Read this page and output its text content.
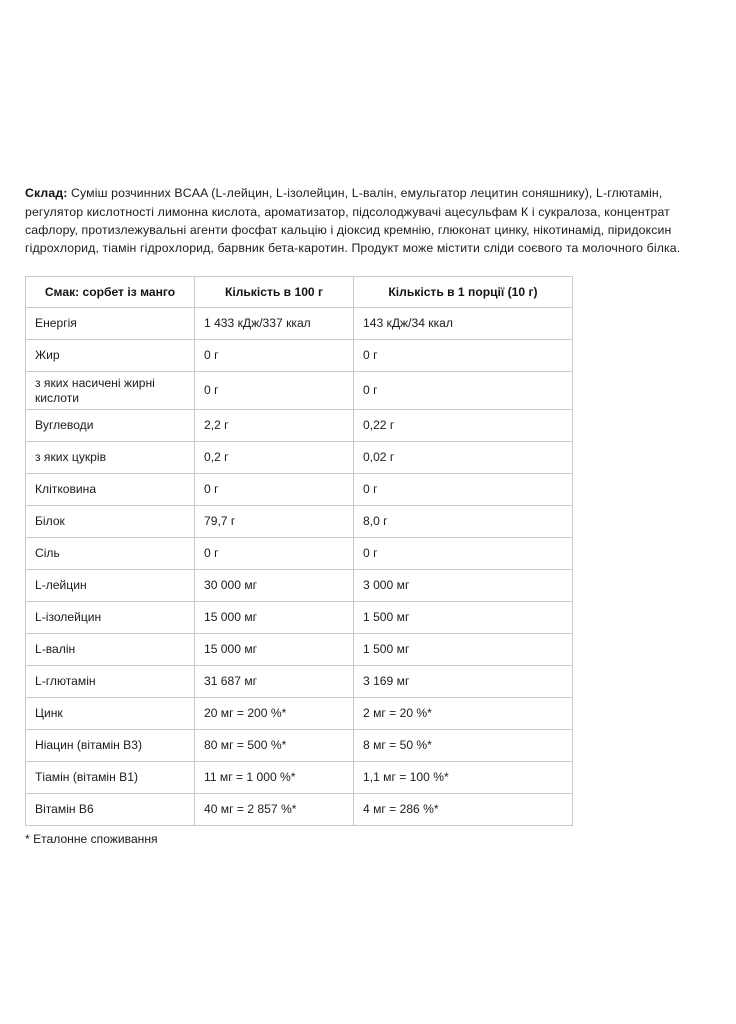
Склад: Суміш розчинних BCAA (L-лейцин, L-ізолейцин, L-валін, емульгатор лецитин соняшнику), L-глютамін, регулятор кислотності лимонна кислота, ароматизатор, підсолоджувачі ацесульфам К і сукралоза, концентрат сафлору, протизлежувальні агенти фосфат кальцію і діоксид кремнію, глюконат цинку, нікотинамід, піридоксин гідрохлорид, тіамін гідрохлорид, барвник бета-каротин. Продукт може містити сліди соєвого та молочного білка.

Смак: сорбет із манго	Кількість в 100 г	Кількість в 1 порції (10 г)
Енергія	1 433 кДж/337 ккал	143 кДж/34 ккал
Жир	0 г	0 г
з яких насичені жирні кислоти	0 г	0 г
Вуглеводи	2,2 г	0,22 г
з яких цукрів	0,2 г	0,02 г
Клітковина	0 г	0 г
Білок	79,7 г	8,0 г
Сіль	0 г	0 г
L-лейцин	30 000 мг	3 000 мг
L-ізолейцин	15 000 мг	1 500 мг
L-валін	15 000 мг	1 500 мг
L-глютамін	31 687 мг	3 169 мг
Цинк	20 мг = 200 %*	2 мг = 20 %*
Ніацин (вітамін B3)	80 мг = 500 %*	8 мг = 50 %*
Тіамін (вітамін B1)	11 мг = 1 000 %*	1,1 мг = 100 %*
Вітамін B6	40 мг = 2 857 %*	4 мг = 286 %*
* Еталонне споживання
